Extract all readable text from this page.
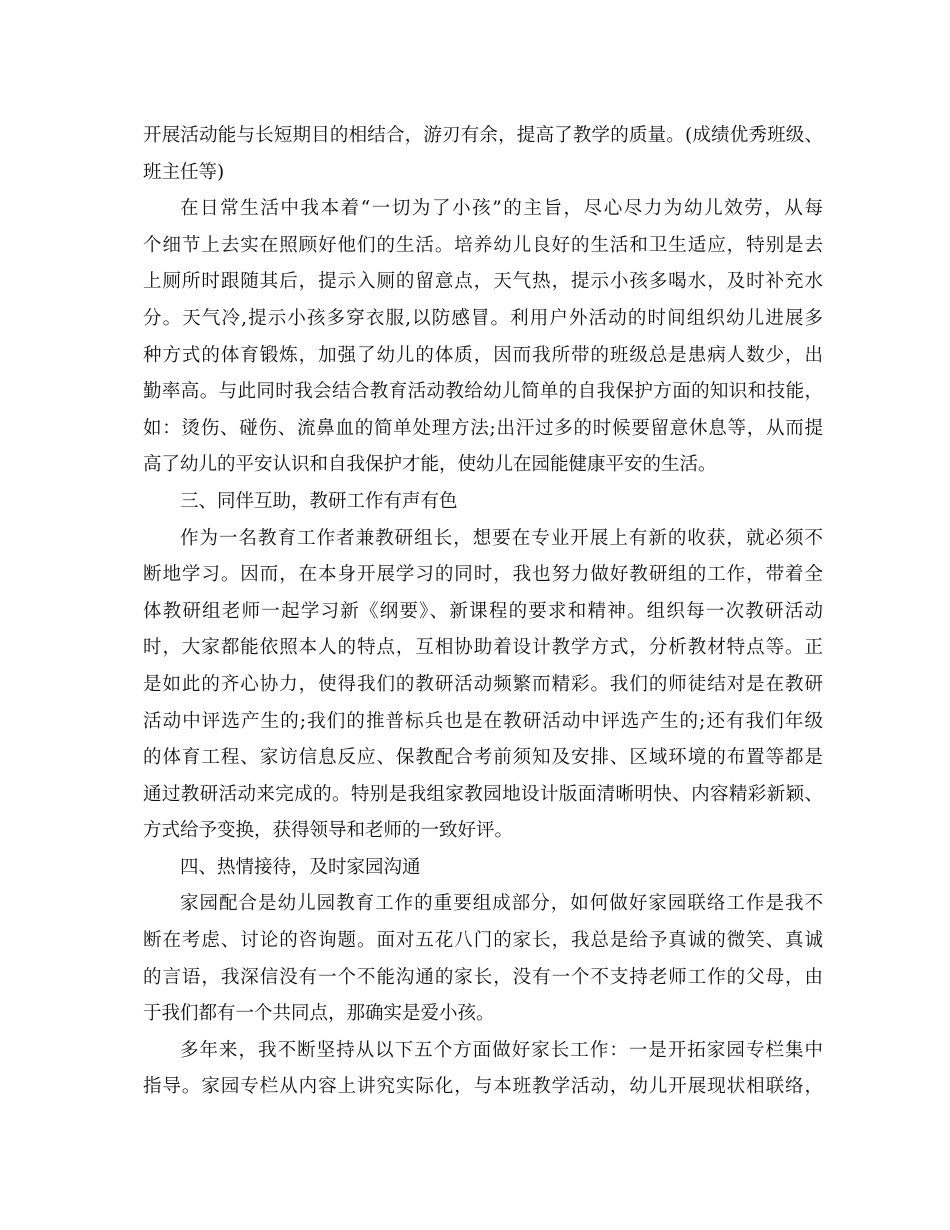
开展活动能与长短期目的相结合，游刃有余，提高了教学的质量。(成绩优秀班级、
班主任等)
在日常生活中我本着“一切为了小孩”的主旨，尽心尽力为幼儿效劳，从每
个细节上去实在照顾好他们的生活。培养幼儿良好的生活和卫生适应，特别是去
上厕所时跟随其后，提示入厕的留意点，天气热，提示小孩多喝水，及时补充水
分。天气冷,提示小孩多穿衣服,以防感冒。利用户外活动的时间组织幼儿进展多
种方式的体育锻炼，加强了幼儿的体质，因而我所带的班级总是患病人数少，出
勤率高。与此同时我会结合教育活动教给幼儿简单的自我保护方面的知识和技能，
如：烫伤、碰伤、流鼻血的简单处理方法;出汗过多的时候要留意休息等，从而提
高了幼儿的平安认识和自我保护才能，使幼儿在园能健康平安的生活。
三、同伴互助，教研工作有声有色
作为一名教育工作者兼教研组长，想要在专业开展上有新的收获，就必须不
断地学习。因而，在本身开展学习的同时，我也努力做好教研组的工作，带着全
体教研组老师一起学习新《纲要》、新课程的要求和精神。组织每一次教研活动
时，大家都能依照本人的特点，互相协助着设计教学方式，分析教材特点等。正
是如此的齐心协力，使得我们的教研活动频繁而精彩。我们的师徒结对是在教研
活动中评选产生的;我们的推普标兵也是在教研活动中评选产生的;还有我们年级
的体育工程、家访信息反应、保教配合考前须知及安排、区域环境的布置等都是
通过教研活动来完成的。特别是我组家教园地设计版面清晰明快、内容精彩新颖、
方式给予变换，获得领导和老师的一致好评。
四、热情接待，及时家园沟通
家园配合是幼儿园教育工作的重要组成部分，如何做好家园联络工作是我不
断在考虑、讨论的咨询题。面对五花八门的家长，我总是给予真诚的微笑、真诚
的言语，我深信没有一个不能沟通的家长，没有一个不支持老师工作的父母，由
于我们都有一个共同点，那确实是爱小孩。
多年来，我不断坚持从以下五个方面做好家长工作：一是开拓家园专栏集中
指导。家园专栏从内容上讲究实际化，与本班教学活动，幼儿开展现状相联络，
